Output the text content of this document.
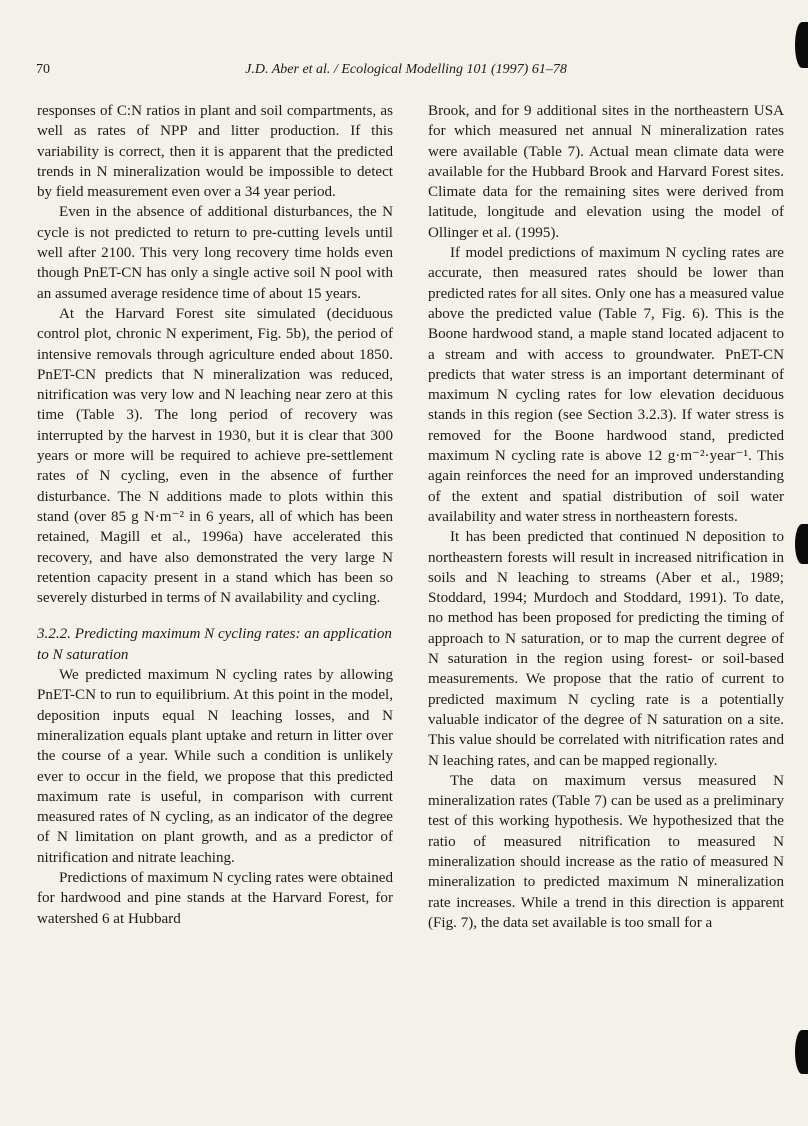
70	J.D. Aber et al. / Ecological Modelling 101 (1997) 61–78

responses of C:N ratios in plant and soil compartments, as well as rates of NPP and litter production. If this variability is correct, then it is apparent that the predicted trends in N mineralization would be impossible to detect by field measurement even over a 34 year period.

Even in the absence of additional disturbances, the N cycle is not predicted to return to pre-cutting levels until well after 2100. This very long recovery time holds even though PnET-CN has only a single active soil N pool with an assumed average residence time of about 15 years.

At the Harvard Forest site simulated (deciduous control plot, chronic N experiment, Fig. 5b), the period of intensive removals through agriculture ended about 1850. PnET-CN predicts that N mineralization was reduced, nitrification was very low and N leaching near zero at this time (Table 3). The long period of recovery was interrupted by the harvest in 1930, but it is clear that 300 years or more will be required to achieve pre-settlement rates of N cycling, even in the absence of further disturbance. The N additions made to plots within this stand (over 85 g N·m⁻² in 6 years, all of which has been retained, Magill et al., 1996a) have accelerated this recovery, and have also demonstrated the very large N retention capacity present in a stand which has been so severely disturbed in terms of N availability and cycling.

3.2.2. Predicting maximum N cycling rates: an application to N saturation

We predicted maximum N cycling rates by allowing PnET-CN to run to equilibrium. At this point in the model, deposition inputs equal N leaching losses, and N mineralization equals plant uptake and return in litter over the course of a year. While such a condition is unlikely ever to occur in the field, we propose that this predicted maximum rate is useful, in comparison with current measured rates of N cycling, as an indicator of the degree of N limitation on plant growth, and as a predictor of nitrification and nitrate leaching.

Predictions of maximum N cycling rates were obtained for hardwood and pine stands at the Harvard Forest, for watershed 6 at Hubbard

Brook, and for 9 additional sites in the northeastern USA for which measured net annual N mineralization rates were available (Table 7). Actual mean climate data were available for the Hubbard Brook and Harvard Forest sites. Climate data for the remaining sites were derived from latitude, longitude and elevation using the model of Ollinger et al. (1995).

If model predictions of maximum N cycling rates are accurate, then measured rates should be lower than predicted rates for all sites. Only one has a measured value above the predicted value (Table 7, Fig. 6). This is the Boone hardwood stand, a maple stand located adjacent to a stream and with access to groundwater. PnET-CN predicts that water stress is an important determinant of maximum N cycling rates for low elevation deciduous stands in this region (see Section 3.2.3). If water stress is removed for the Boone hardwood stand, predicted maximum N cycling rate is above 12 g·m⁻²·year⁻¹. This again reinforces the need for an improved understanding of the extent and spatial distribution of soil water availability and water stress in northeastern forests.

It has been predicted that continued N deposition to northeastern forests will result in increased nitrification in soils and N leaching to streams (Aber et al., 1989; Stoddard, 1994; Murdoch and Stoddard, 1991). To date, no method has been proposed for predicting the timing of approach to N saturation, or to map the current degree of N saturation in the region using forest- or soil-based measurements. We propose that the ratio of current to predicted maximum N cycling rate is a potentially valuable indicator of the degree of N saturation on a site. This value should be correlated with nitrification rates and N leaching rates, and can be mapped regionally.

The data on maximum versus measured N mineralization rates (Table 7) can be used as a preliminary test of this working hypothesis. We hypothesized that the ratio of measured nitrification to measured N mineralization should increase as the ratio of measured N mineralization to predicted maximum N mineralization rate increases. While a trend in this direction is apparent (Fig. 7), the data set available is too small for a
